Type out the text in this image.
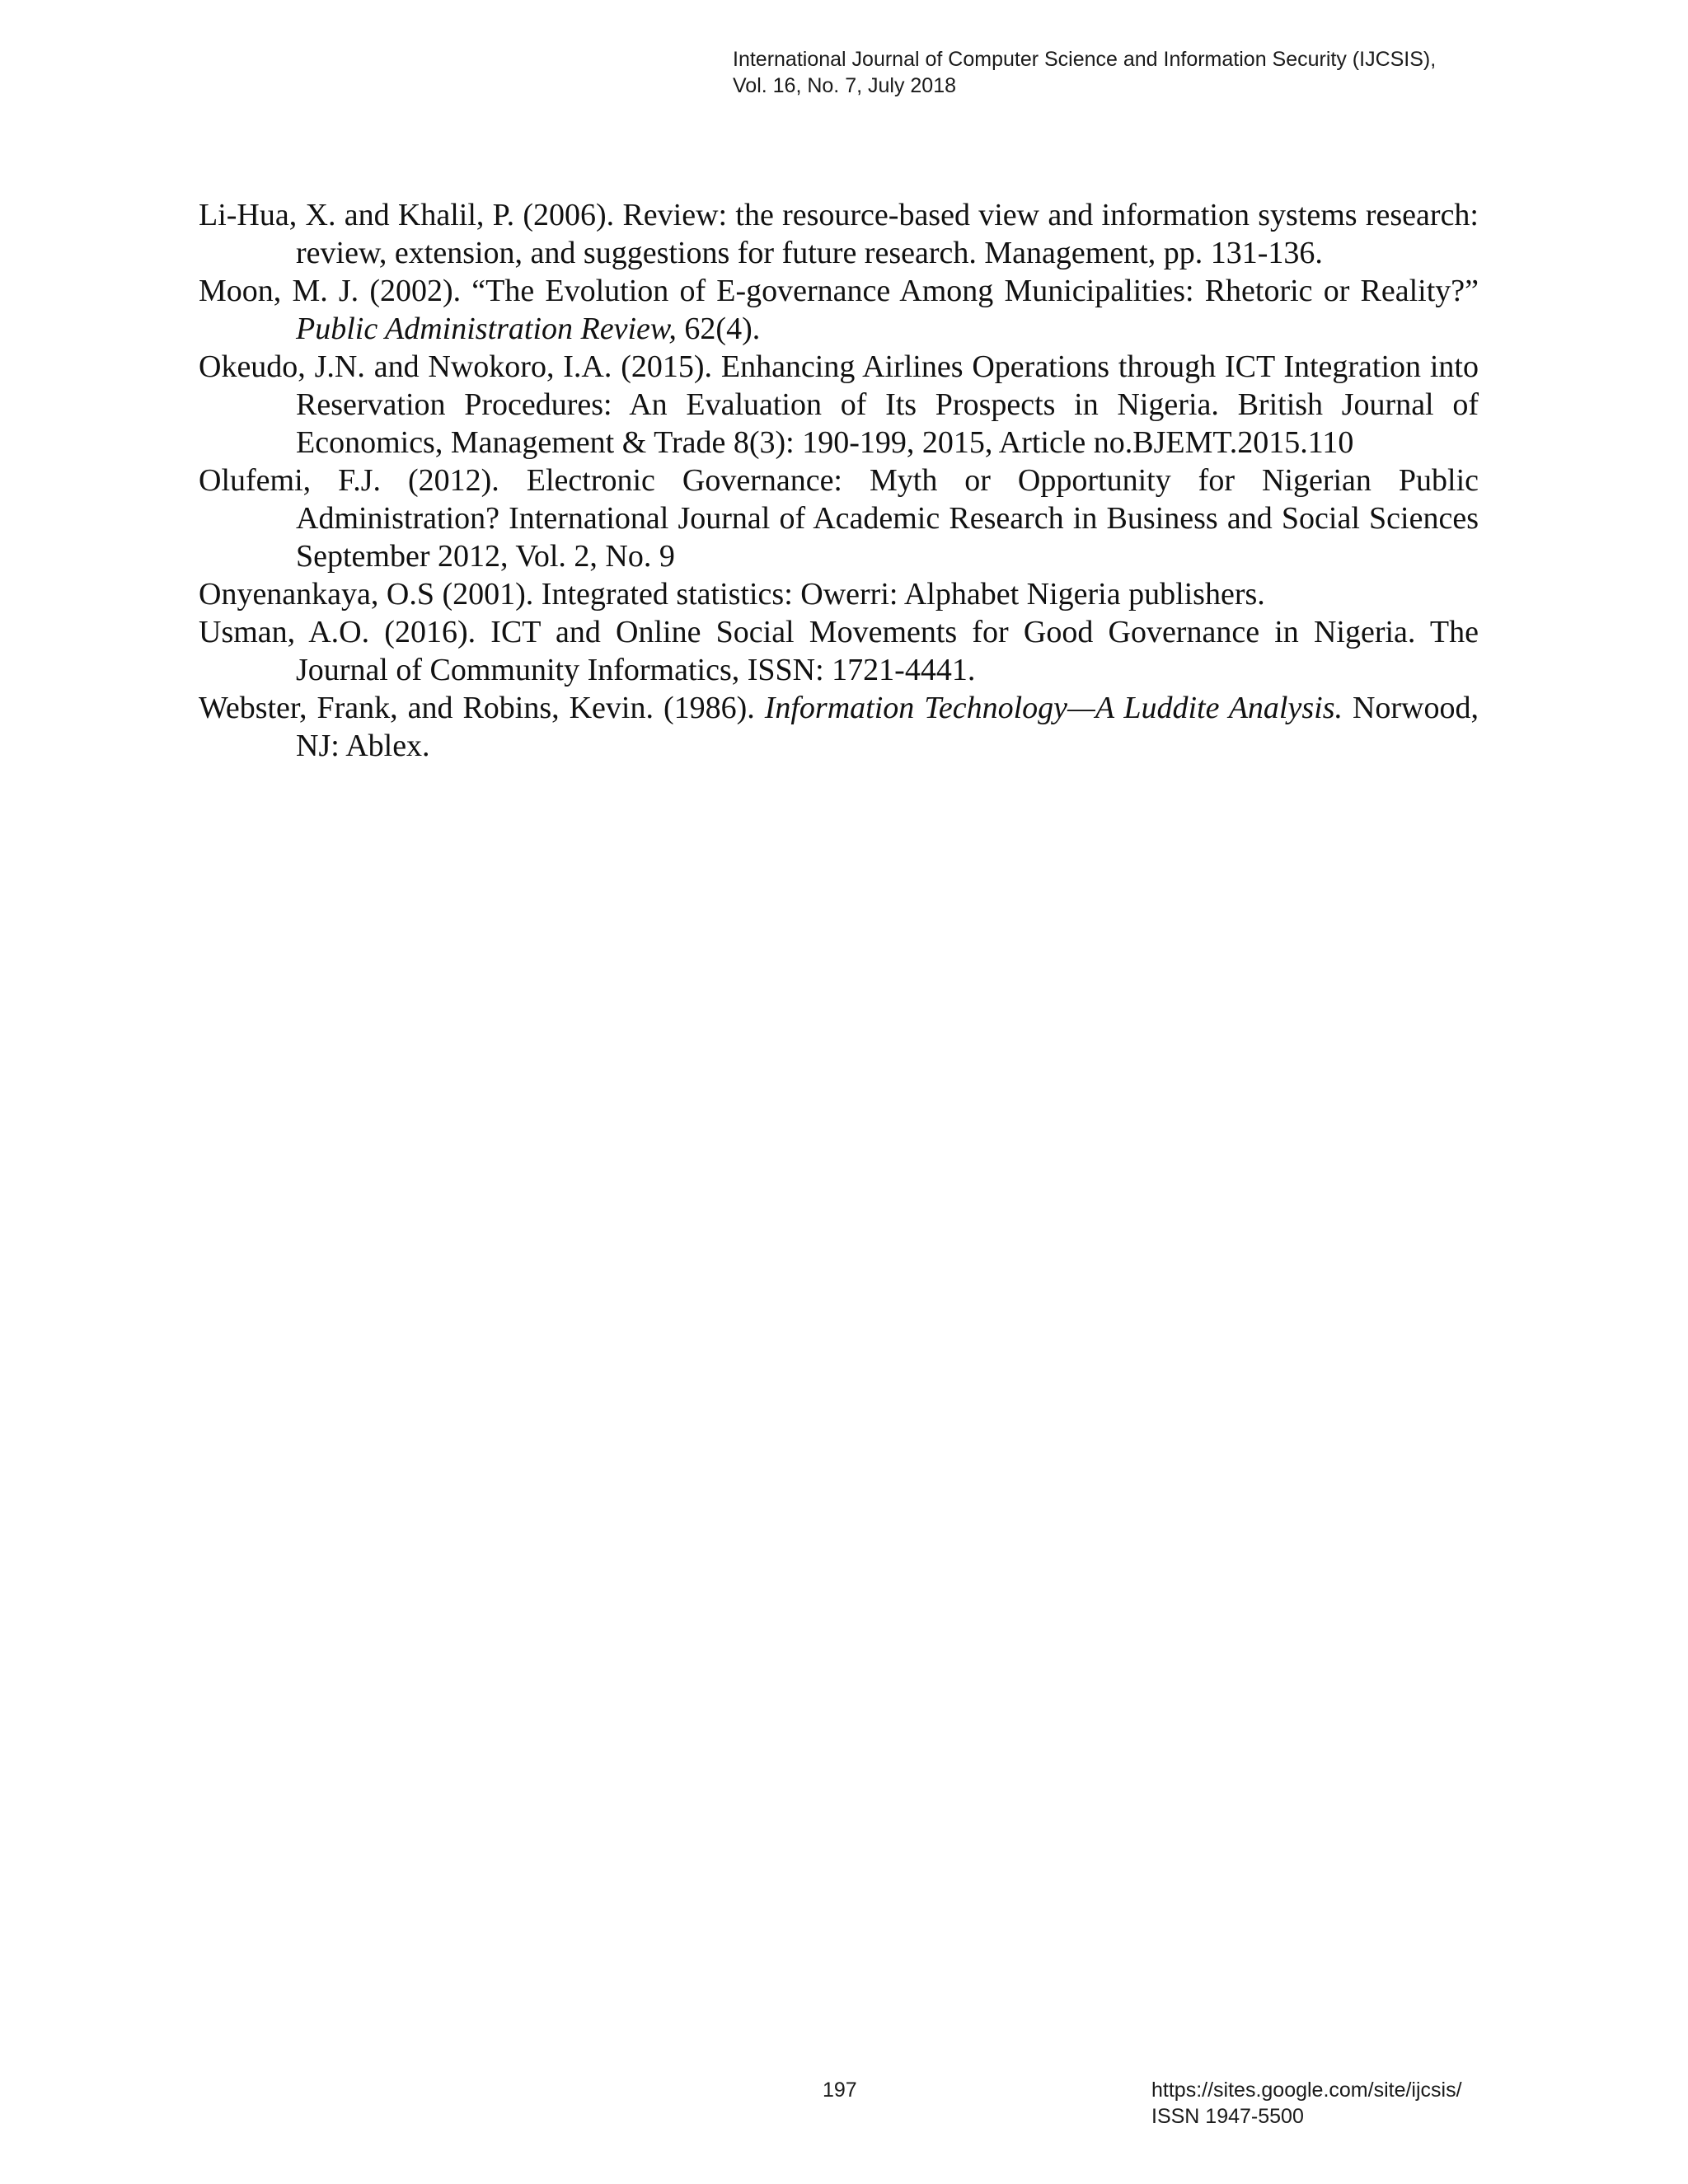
International Journal of Computer Science and Information Security (IJCSIS),
Vol. 16, No. 7, July 2018

Li-Hua, X. and Khalil, P. (2006). Review: the resource-based view and information systems research: review, extension, and suggestions for future research. Management, pp. 131-136.

Moon, M. J. (2002). “The Evolution of E-governance Among Municipalities: Rhetoric or Reality?” Public Administration Review, 62(4).

Okeudo, J.N. and Nwokoro, I.A. (2015). Enhancing Airlines Operations through ICT Integration into Reservation Procedures: An Evaluation of Its Prospects in Nigeria. British Journal of Economics, Management & Trade 8(3): 190-199, 2015, Article no.BJEMT.2015.110

Olufemi, F.J. (2012). Electronic Governance: Myth or Opportunity for Nigerian Public Administration? International Journal of Academic Research in Business and Social Sciences September 2012, Vol. 2, No. 9

Onyenankaya, O.S (2001). Integrated statistics: Owerri: Alphabet Nigeria publishers.

Usman, A.O. (2016). ICT and Online Social Movements for Good Governance in Nigeria. The Journal of Community Informatics, ISSN: 1721-4441.

Webster, Frank, and Robins, Kevin. (1986). Information Technology—A Luddite Analysis. Norwood, NJ: Ablex.

197	https://sites.google.com/site/ijcsis/
ISSN 1947-5500
